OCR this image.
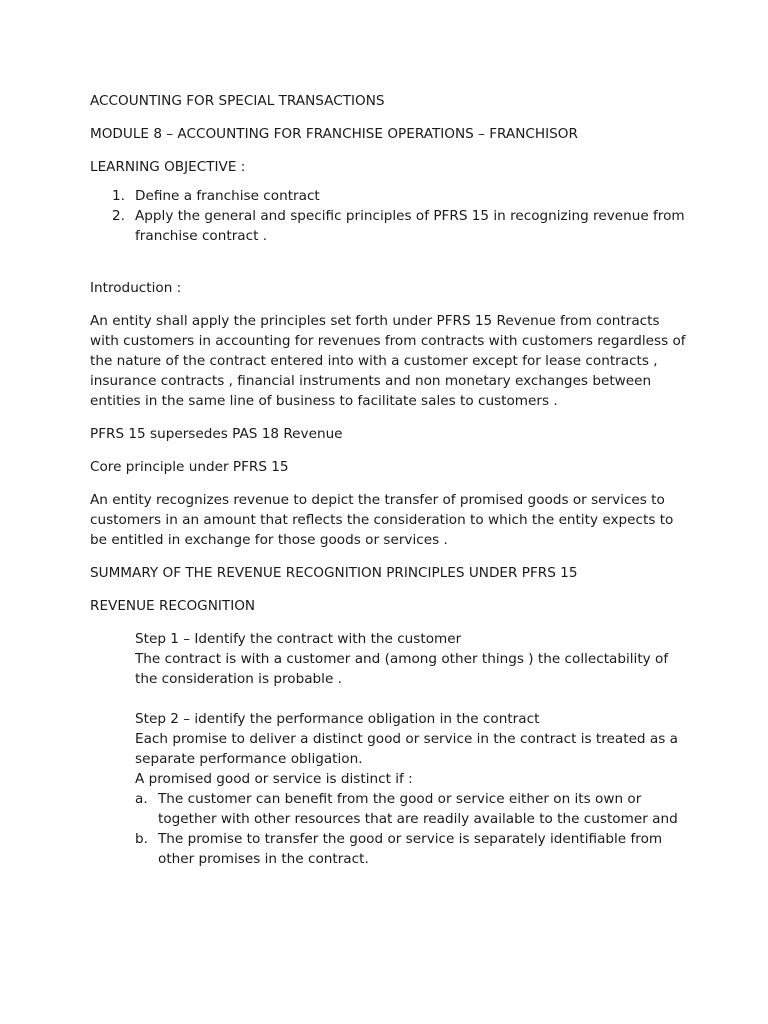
ACCOUNTING FOR SPECIAL TRANSACTIONS

MODULE 8 – ACCOUNTING FOR FRANCHISE OPERATIONS – FRANCHISOR

LEARNING OBJECTIVE :

1. Define a franchise contract
2. Apply the general and specific principles of PFRS 15 in recognizing revenue from franchise contract .

Introduction :

An entity shall apply the principles set forth under PFRS 15 Revenue from contracts with customers in accounting for revenues from contracts with customers regardless of the nature of the contract entered into with a customer except for lease contracts , insurance contracts , financial instruments and non monetary exchanges between entities in the same line of business to facilitate sales to customers .

PFRS 15 supersedes PAS 18 Revenue

Core principle under PFRS 15

An entity recognizes revenue to depict the transfer of promised goods or services to customers in an amount that reflects the consideration to which the entity expects to be entitled in exchange for those goods or services .

SUMMARY OF THE REVENUE RECOGNITION PRINCIPLES UNDER PFRS 15

REVENUE RECOGNITION

Step 1 – Identify the contract with the customer
The contract is with a customer and (among other things ) the collectability of the consideration is probable .
Step 2 – identify the performance obligation in the contract
Each promise to deliver a distinct good or service in the contract is treated as a separate performance obligation.
A promised good or service is distinct if :
a. The customer can benefit from the good or service either on its own or together with other resources that are readily available to the customer and
b. The promise to transfer the good or service is separately identifiable from other promises in the contract.
